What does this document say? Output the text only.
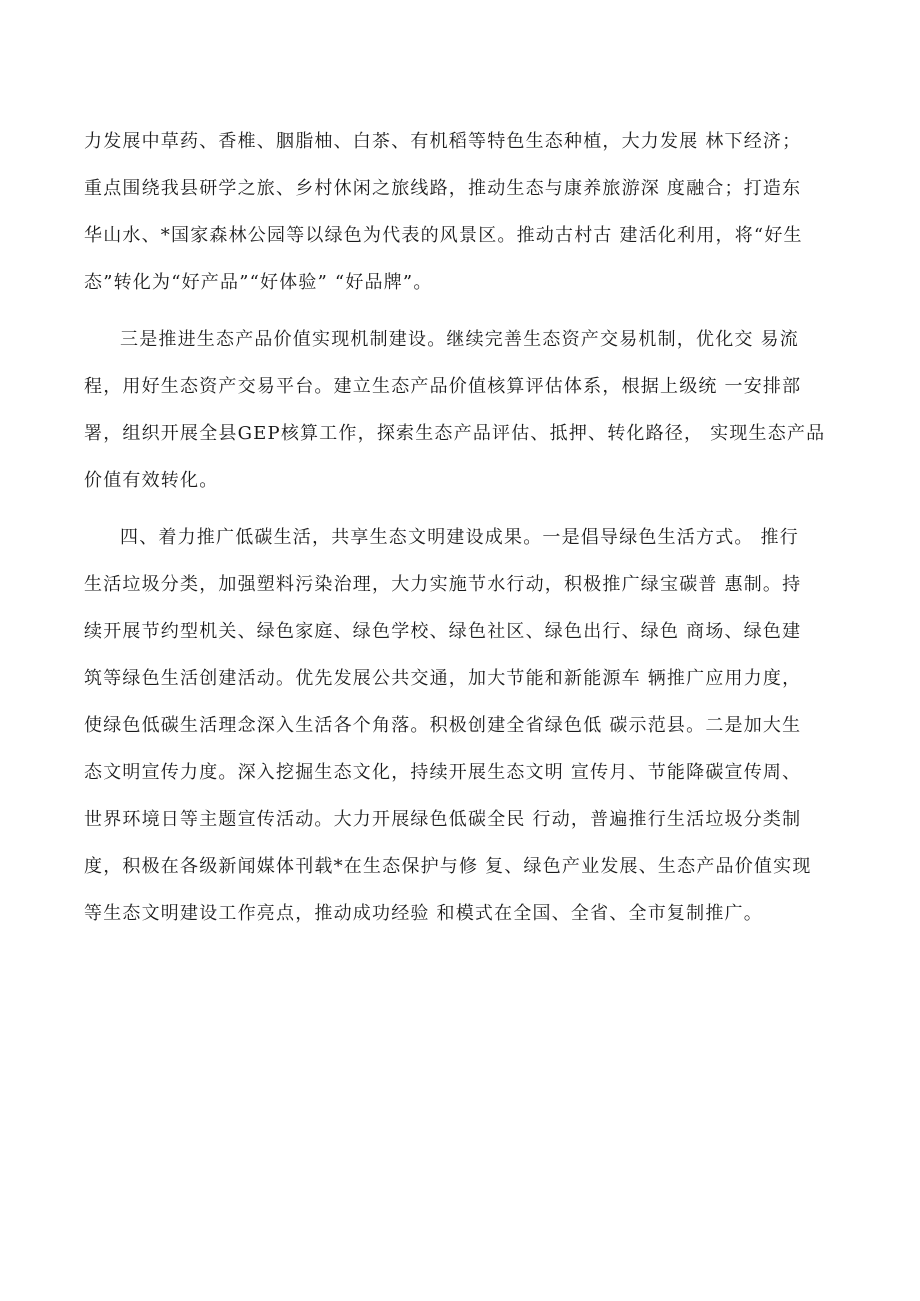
力发展中草药、香椎、胭脂柚、白茶、有机稻等特色生态种植，大力发展 林下经济；
重点围绕我县研学之旅、乡村休闲之旅线路，推动生态与康养旅游深 度融合；打造东
华山水、*国家森林公园等以绿色为代表的风景区。推动古村古 建活化利用，将“好生
态”转化为“好产品”“好体验” “好品牌”。
三是推进生态产品价值实现机制建设。继续完善生态资产交易机制，优化交 易流
程，用好生态资产交易平台。建立生态产品价值核算评估体系，根据上级统 一安排部
署，组织开展全县GEP核算工作，探索生态产品评估、抵押、转化路径， 实现生态产品
价值有效转化。
四、着力推广低碳生活，共享生态文明建设成果。一是倡导绿色生活方式。 推行
生活垃圾分类，加强塑料污染治理，大力实施节水行动，积极推广绿宝碳普 惠制。持
续开展节约型机关、绿色家庭、绿色学校、绿色社区、绿色出行、绿色 商场、绿色建
筑等绿色生活创建活动。优先发展公共交通，加大节能和新能源车 辆推广应用力度，
使绿色低碳生活理念深入生活各个角落。积极创建全省绿色低 碳示范县。二是加大生
态文明宣传力度。深入挖掘生态文化，持续开展生态文明 宣传月、节能降碳宣传周、
世界环境日等主题宣传活动。大力开展绿色低碳全民 行动，普遍推行生活垃圾分类制
度，积极在各级新闻媒体刊载*在生态保护与修 复、绿色产业发展、生态产品价值实现
等生态文明建设工作亮点，推动成功经验 和模式在全国、全省、全市复制推广。
